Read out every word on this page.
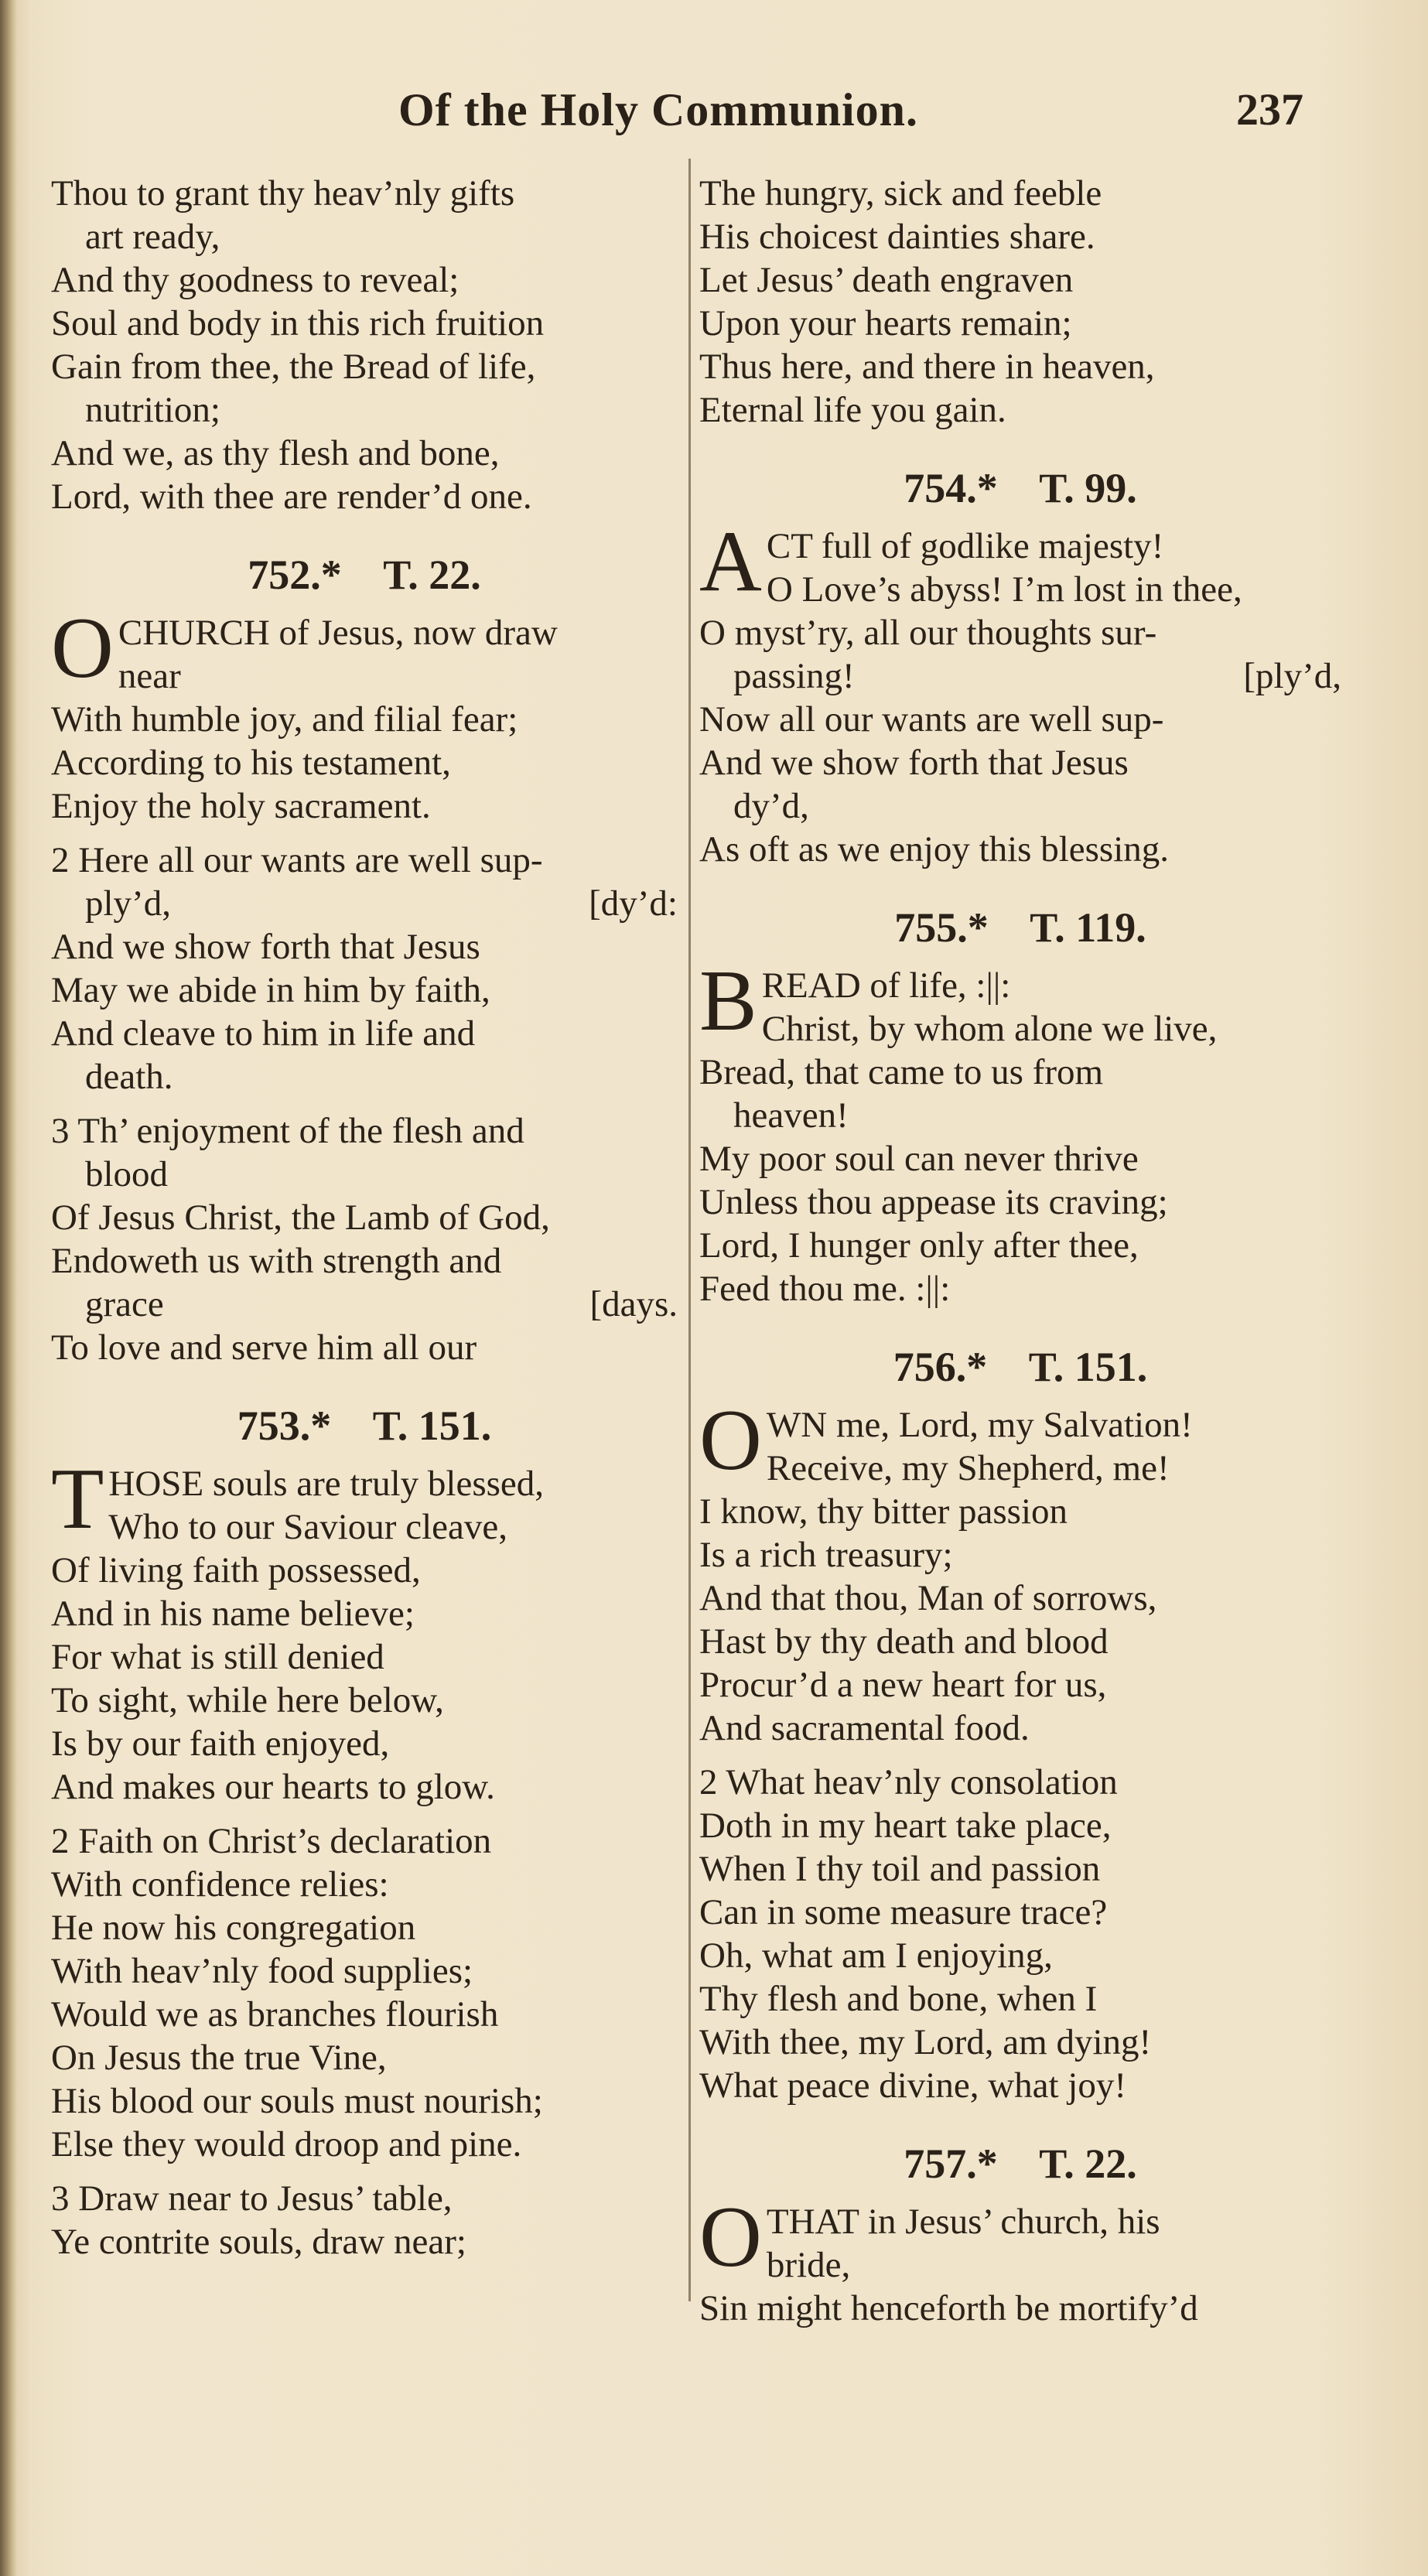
Of the Holy Communion.	237
Thou to grant thy heav’nly gifts
art ready,
And thy goodness to reveal;
Soul and body in this rich fruition
Gain from thee, the Bread of life,
nutrition;
And we, as thy flesh and bone,
Lord, with thee are render’d one.
752.* T. 22.
O CHURCH of Jesus, now draw
near
With humble joy, and filial fear;
According to his testament,
Enjoy the holy sacrament.
2 Here all our wants are well sup-
ply’d,	[dy’d:
And we show forth that Jesus
May we abide in him by faith,
And cleave to him in life and
death.
3 Th’ enjoyment of the flesh and
blood
Of Jesus Christ, the Lamb of God,
Endoweth us with strength and
grace	[days.
To love and serve him all our
753.* T. 151.
T HOSE souls are truly blessed,
Who to our Saviour cleave,
Of living faith possessed,
And in his name believe;
For what is still denied
To sight, while here below,
Is by our faith enjoyed,
And makes our hearts to glow.
2 Faith on Christ’s declaration
With confidence relies:
He now his congregation
With heav’nly food supplies;
Would we as branches flourish
On Jesus the true Vine,
His blood our souls must nourish;
Else they would droop and pine.
3 Draw near to Jesus’ table,
Ye contrite souls, draw near;
The hungry, sick and feeble
His choicest dainties share.
Let Jesus’ death engraven
Upon your hearts remain;
Thus here, and there in heaven,
Eternal life you gain.
754.* T. 99.
A CT full of godlike majesty!
O Love’s abyss! I’m lost in thee,
O myst’ry, all our thoughts sur-
passing!	[ply’d,
Now all our wants are well sup-
And we show forth that Jesus
dy’d,
As oft as we enjoy this blessing.
755.* T. 119.
B READ of life, :||:
Christ, by whom alone we live,
Bread, that came to us from
heaven!
My poor soul can never thrive
Unless thou appease its craving;
Lord, I hunger only after thee,
Feed thou me. :||:
756.* T. 151.
O WN me, Lord, my Salvation!
Receive, my Shepherd, me!
I know, thy bitter passion
Is a rich treasury;
And that thou, Man of sorrows,
Hast by thy death and blood
Procur’d a new heart for us,
And sacramental food.
2 What heav’nly consolation
Doth in my heart take place,
When I thy toil and passion
Can in some measure trace?
Oh, what am I enjoying,
Thy flesh and bone, when I
With thee, my Lord, am dying!
What peace divine, what joy!
757.* T. 22.
O THAT in Jesus’ church, his
bride,
Sin might henceforth be mortify’d
